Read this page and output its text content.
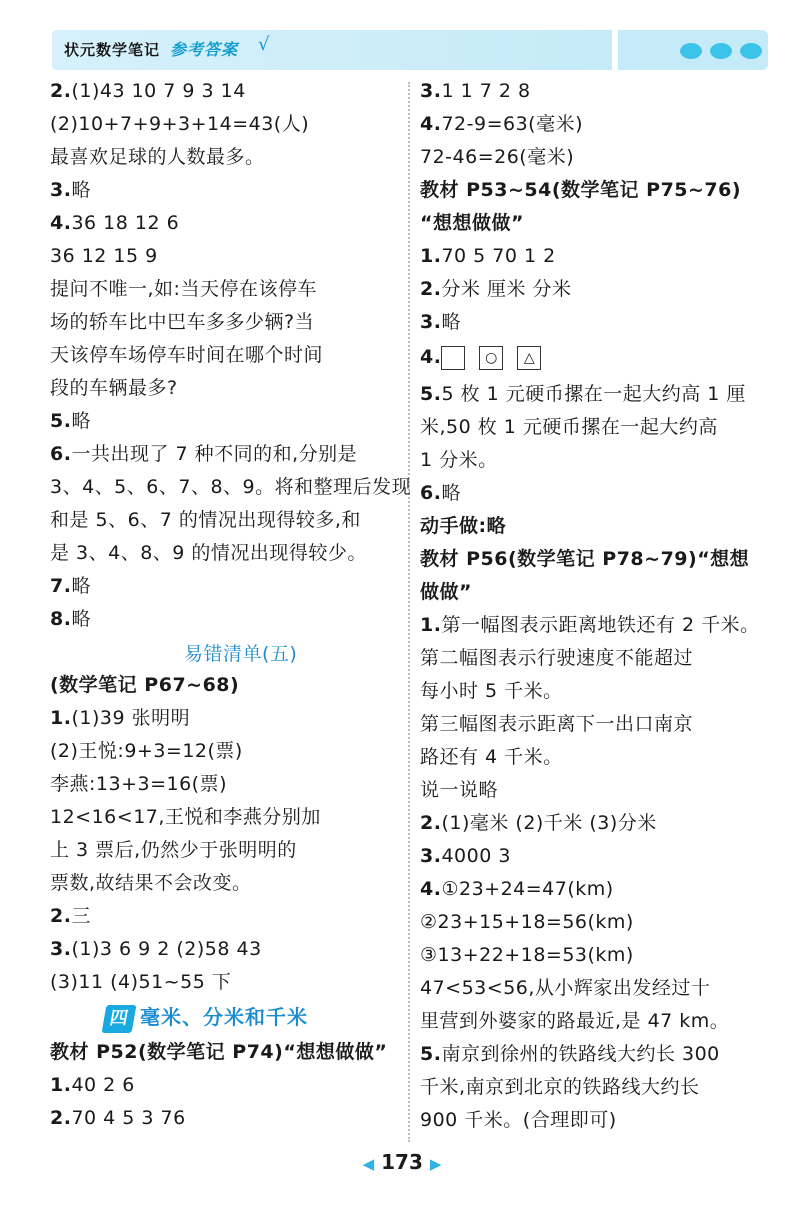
状元数学笔记 参考答案 √
2.(1)43 10 7 9 3 14
(2)10+7+9+3+14=43(人)
最喜欢足球的人数最多。
3.略
4.36 18 12 6
36 12 15 9
提问不唯一,如:当天停在该停车
场的轿车比中巴车多多少辆?当
天该停车场停车时间在哪个时间
段的车辆最多?
5.略
6.一共出现了 7 种不同的和,分别是
3、4、5、6、7、8、9。将和整理后发现
和是 5、6、7 的情况出现得较多,和
是 3、4、8、9 的情况出现得较少。
7.略
8.略
易错清单(五)
(数学笔记 P67~68)
1.(1)39 张明明
(2)王悦:9+3=12(票)
李燕:13+3=16(票)
12<16<17,王悦和李燕分别加
上 3 票后,仍然少于张明明的
票数,故结果不会改变。
2.三
3.(1)3 6 9 2 (2)58 43
(3)11 (4)51~55 下
四 毫米、分米和千米
教材 P52(数学笔记 P74)“想想做做”
1.40 2 6
2.70 4 5 3 76
3.1 1 7 2 8
4.72-9=63(毫米)
72-46=26(毫米)
教材 P53~54(数学笔记 P75~76)
“想想做做”
1.70 5 70 1 2
2.分米 厘米 分米
3.略
4.	○	△
5.5 枚 1 元硬币摞在一起大约高 1 厘
米,50 枚 1 元硬币摞在一起大约高
1 分米。
6.略
动手做:略
教材 P56(数学笔记 P78~79)“想想
做做”
1.第一幅图表示距离地铁还有 2 千米。
第二幅图表示行驶速度不能超过
每小时 5 千米。
第三幅图表示距离下一出口南京
路还有 4 千米。
说一说略
2.(1)毫米 (2)千米 (3)分米
3.4000 3
4.①23+24=47(km)
②23+15+18=56(km)
③13+22+18=53(km)
47<53<56,从小辉家出发经过十
里营到外婆家的路最近,是 47 km。
5.南京到徐州的铁路线大约长 300
千米,南京到北京的铁路线大约长
900 千米。(合理即可)
◀ 173 ▶
